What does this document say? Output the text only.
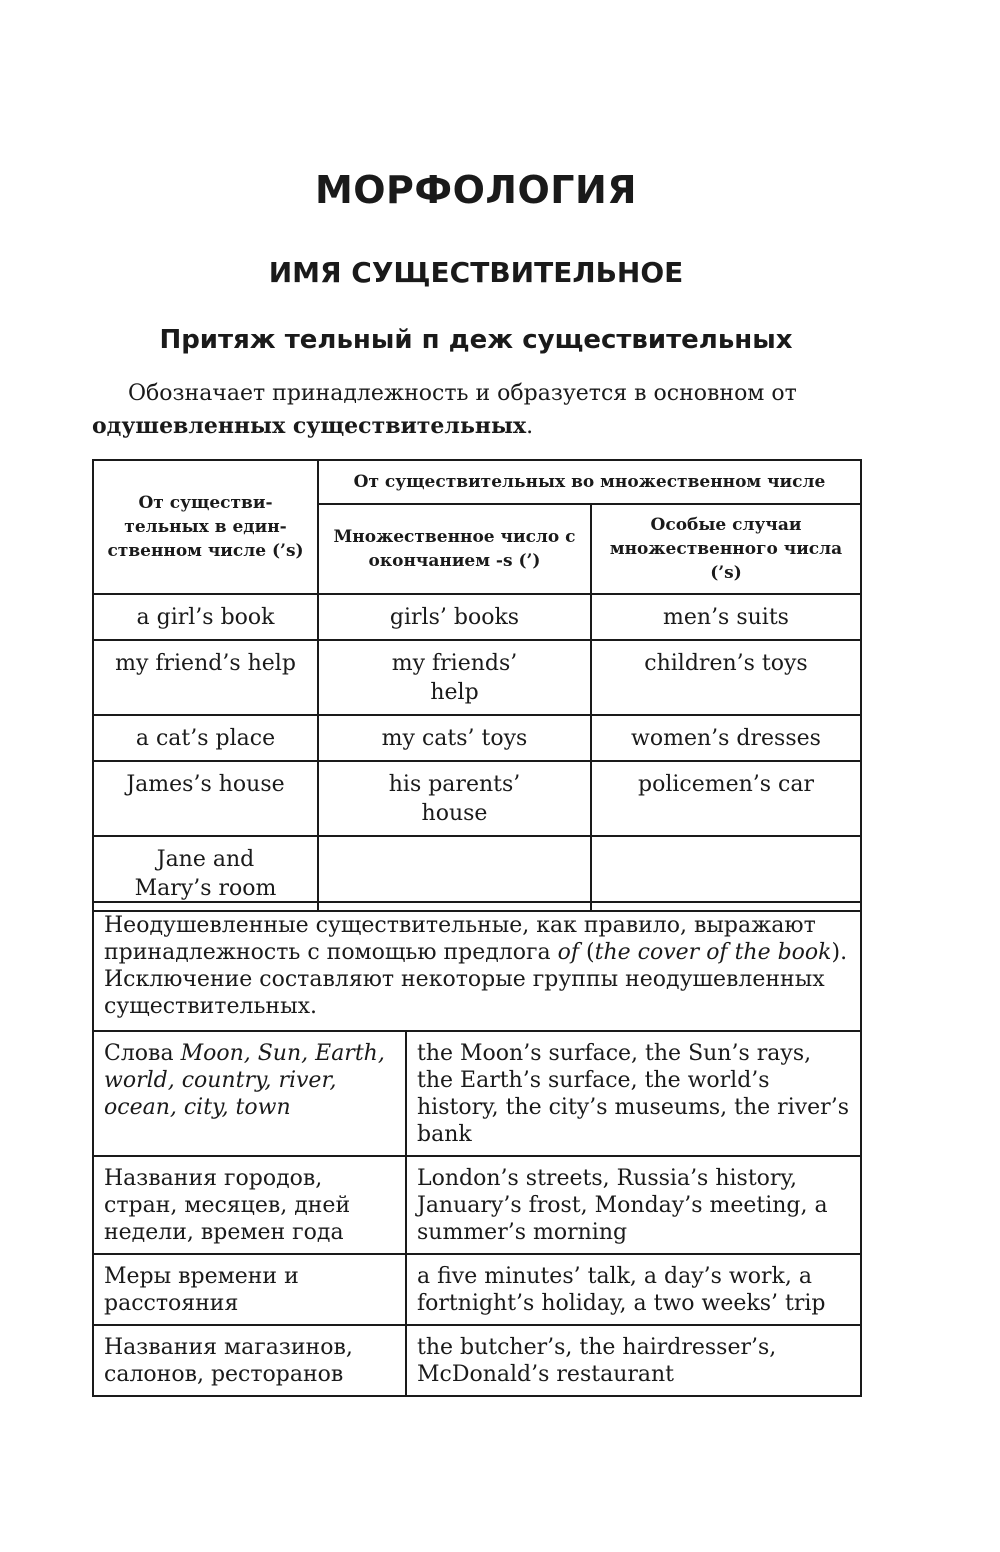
МОРФОЛОГИЯ
ИМЯ СУЩЕСТВИТЕЛЬНОЕ
Притяж тельный п деж существительных

Обозначает принадлежность и образуется в основном от одушевленных существительных.

От существи-тельных в един-ственном числе (’s)	От существительных во множественном числе	
	Множественное число с окончанием -s (’)	Особые случаи множественного числа (’s)
a girl’s book	girls’ books	men’s suits
my friend’s help	my friends’ help	children’s toys
a cat’s place	my cats’ toys	women’s dresses
James’s house	his parents’ house	policemen’s car
Jane and Mary’s room		
Неодушевленные существительные, как правило, выражают принадлежность с помощью предлога of (the cover of the book). Исключение составляют некоторые группы неодушевленных существительных.	
Слова Moon, Sun, Earth, world, country, river, ocean, city, town	the Moon’s surface, the Sun’s rays, the Earth’s surface, the world’s history, the city’s museums, the river’s bank
Названия городов, стран, месяцев, дней недели, времен года	London’s streets, Russia’s history, January’s frost, Monday’s meeting, a summer’s morning
Меры времени и расстояния	a five minutes’ talk, a day’s work, a fortnight’s holiday, a two weeks’ trip
Названия магазинов, салонов, ресторанов	the butcher’s, the hairdresser’s, McDonald’s restaurant
